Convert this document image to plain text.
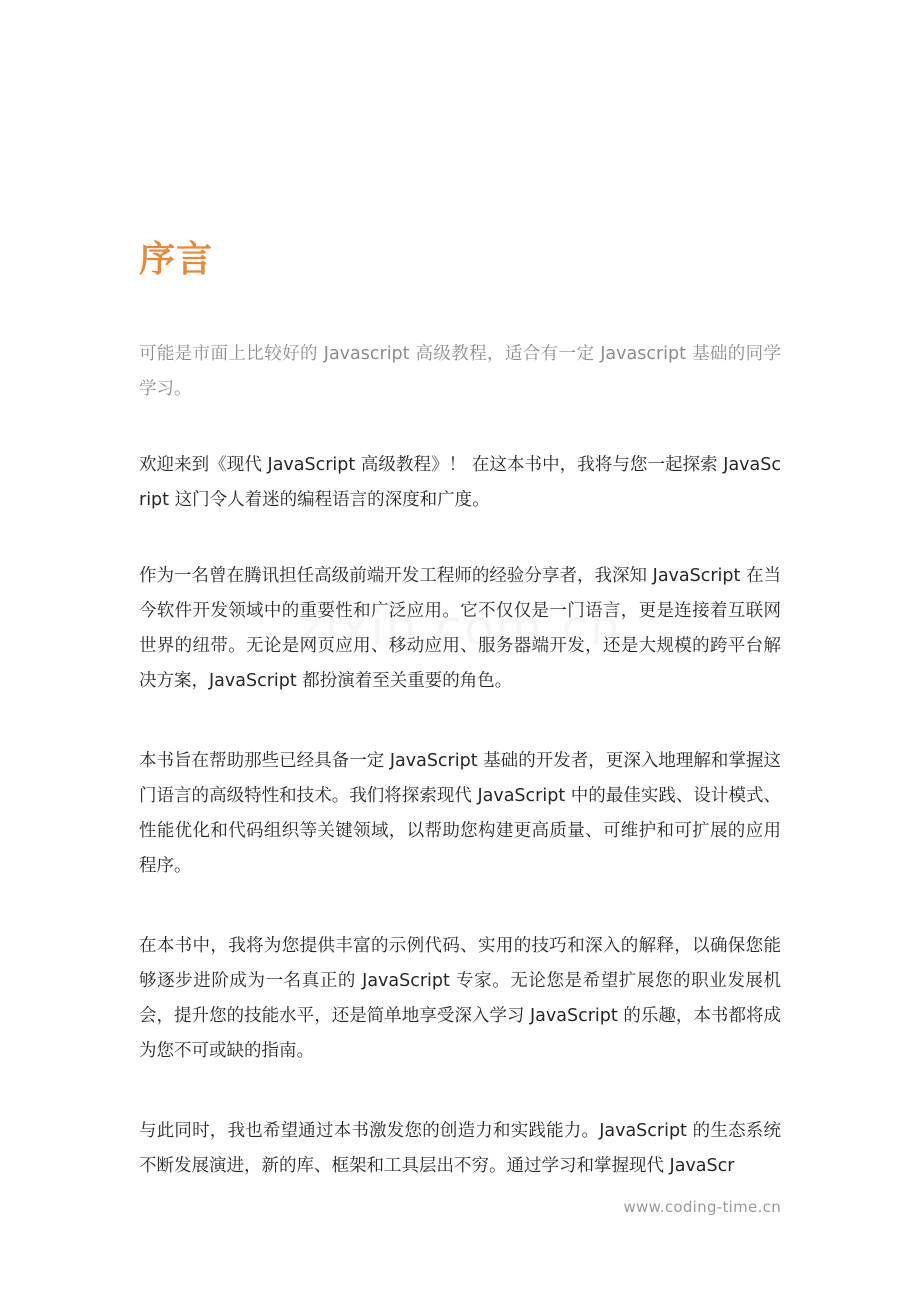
序言

可能是市面上比较好的 Javascript 高级教程，适合有一定 Javascript 基础的同学学习。

欢迎来到《现代 JavaScript 高级教程》！ 在这本书中，我将与您一起探索 JavaScript 这门令人着迷的编程语言的深度和广度。

作为一名曾在腾讯担任高级前端开发工程师的经验分享者，我深知 JavaScript 在当今软件开发领域中的重要性和广泛应用。它不仅仅是一门语言，更是连接着互联网世界的纽带。无论是网页应用、移动应用、服务器端开发，还是大规模的跨平台解决方案，JavaScript 都扮演着至关重要的角色。

本书旨在帮助那些已经具备一定 JavaScript 基础的开发者，更深入地理解和掌握这门语言的高级特性和技术。我们将探索现代 JavaScript 中的最佳实践、设计模式、性能优化和代码组织等关键领域，以帮助您构建更高质量、可维护和可扩展的应用程序。

在本书中，我将为您提供丰富的示例代码、实用的技巧和深入的解释，以确保您能够逐步进阶成为一名真正的 JavaScript 专家。无论您是希望扩展您的职业发展机会，提升您的技能水平，还是简单地享受深入学习 JavaScript 的乐趣，本书都将成为您不可或缺的指南。

与此同时，我也希望通过本书激发您的创造力和实践能力。JavaScript 的生态系统不断发展演进，新的库、框架和工具层出不穷。通过学习和掌握现代 JavaScr

www.coding-time.cn
